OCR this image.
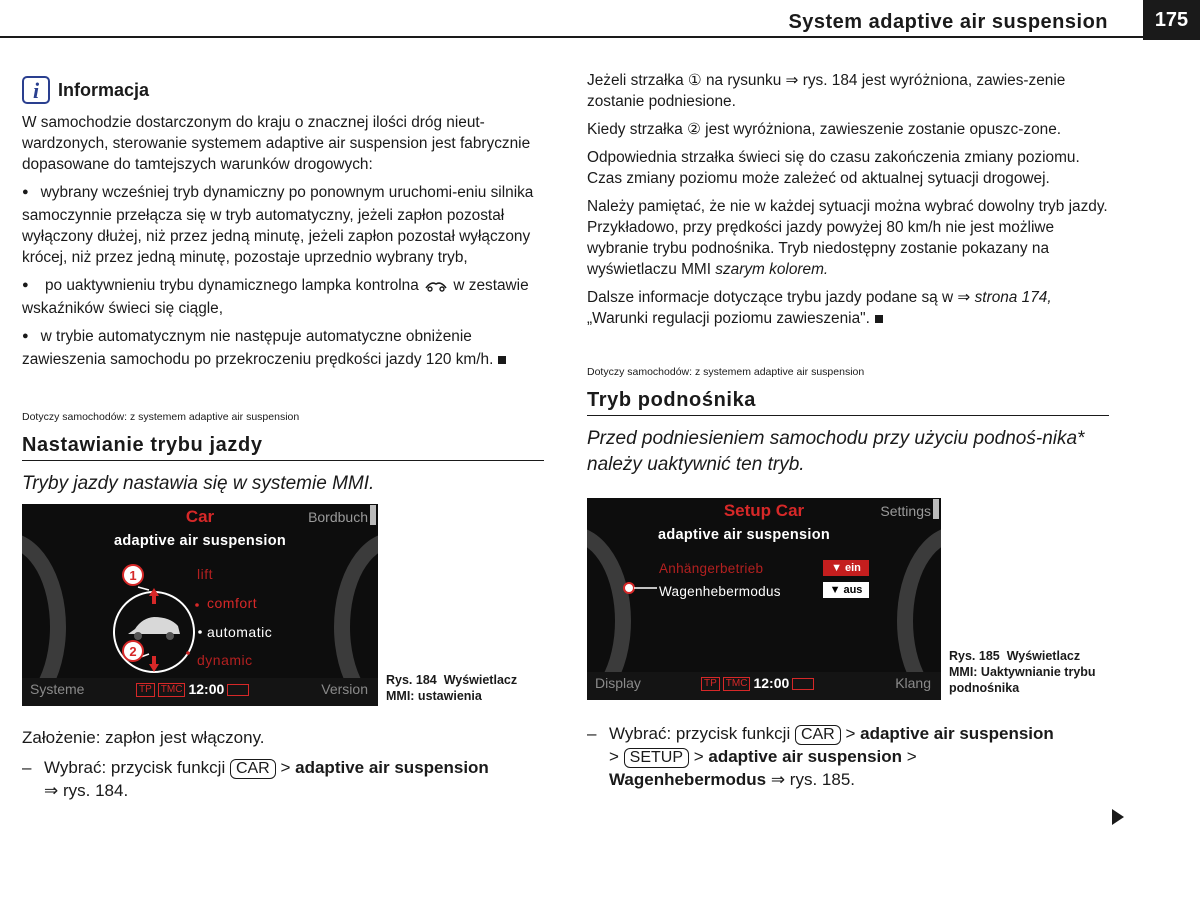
System adaptive air suspension	175
i	Informacja

W samochodzie dostarczonym do kraju o znacznej ilości dróg nieut-wardzonych, sterowanie systemem adaptive air suspension jest fabrycznie dopasowane do tamtejszych warunków drogowych:

● wybrany wcześniej tryb dynamiczny po ponownym uruchomi-eniu silnika samoczynnie przełącza się w tryb automatyczny, jeżeli zapłon pozostał wyłączony dłużej, niż przez jedną minutę, jeżeli zapłon pozostał wyłączony krócej, niż przez jedną minutę, pozostaje uprzednio wybrany tryb,

● po uaktywnieniu trybu dynamicznego lampka kontrolna w zestawie wskaźników świeci się ciągle,

● w trybie automatycznym nie następuje automatyczne obniżenie zawieszenia samochodu po przekroczeniu prędkości jazdy 120 km/h.

Dotyczy samochodów: z systemem adaptive air suspension

Nastawianie trybu jazdy

Tryby jazdy nastawia się w systemie MMI.

Car	Bordbuch
adaptive air suspension
1
2
lift
comfort
automatic
dynamic
Systeme	TP TMC 12:00	Version
Rys. 184 Wyświetlacz MMI: ustawienia

Założenie: zapłon jest włączony.

– Wybrać: przycisk funkcji CAR > adaptive air suspension
⇒ rys. 184.

Jeżeli strzałka ① na rysunku ⇒ rys. 184 jest wyróżniona, zawies-zenie zostanie podniesione.

Kiedy strzałka ② jest wyróżniona, zawieszenie zostanie opuszc-zone.

Odpowiednia strzałka świeci się do czasu zakończenia zmiany poziomu. Czas zmiany poziomu może zależeć od aktualnej sytuacji drogowej.

Należy pamiętać, że nie w każdej sytuacji można wybrać dowolny tryb jazdy. Przykładowo, przy prędkości jazdy powyżej 80 km/h nie jest możliwe wybranie trybu podnośnika. Tryb niedostępny zostanie pokazany na wyświetlaczu MMI szarym kolorem.

Dalsze informacje dotyczące trybu jazdy podane są w ⇒ strona 174, „Warunki regulacji poziomu zawieszenia".

Dotyczy samochodów: z systemem adaptive air suspension

Tryb podnośnika

Przed podniesieniem samochodu przy użyciu podnoś-nika* należy uaktywnić ten tryb.

Setup Car	Settings
adaptive air suspension
Anhängerbetrieb	▼ ein
Wagenhebermodus	▼ aus
Display	TP TMC 12:00	Klang
Rys. 185 Wyświetlacz MMI: Uaktywnianie trybu podnośnika

– Wybrać: przycisk funkcji CAR > adaptive air suspension
> SETUP > adaptive air suspension >
Wagenhebermodus ⇒ rys. 185.
